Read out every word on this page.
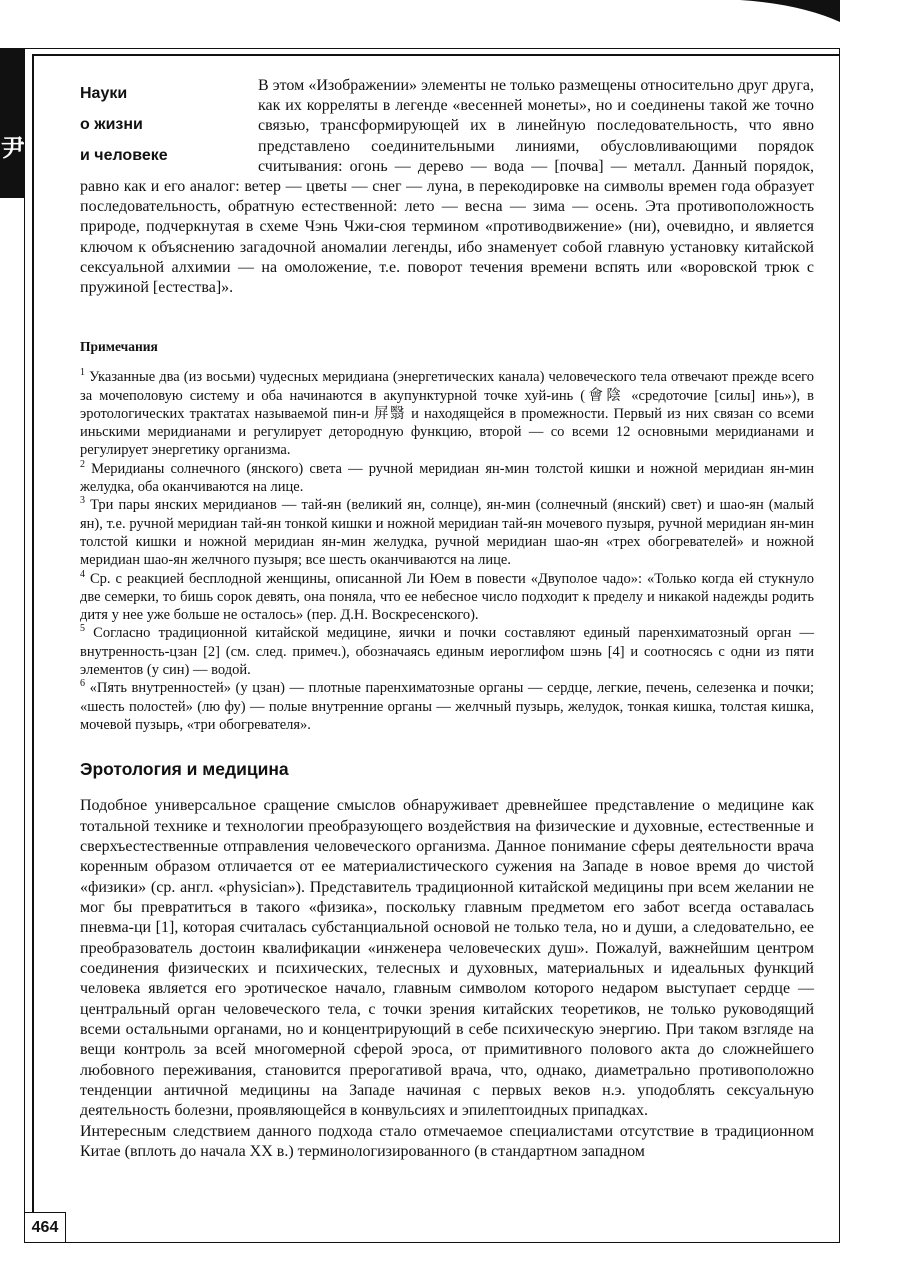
尹
464
Науки
о жизни
и человеке

В этом «Изображении» элементы не только размещены относительно друг друга, как их корреляты в легенде «весенней монеты», но и соединены такой же точно связью, трансформирующей их в линейную последовательность, что явно представлено соединительными линиями, обусловливающими порядок считывания: огонь — дерево — вода — [почва] — металл. Данный порядок, равно как и его аналог: ветер — цветы — снег — луна, в перекодировке на символы времен года образует последовательность, обратную естественной: лето — весна — зима — осень. Эта противоположность природе, подчеркнутая в схеме Чэнь Чжи-сюя термином «противодвижение» (ни), очевидно, и является ключом к объяснению загадочной аномалии легенды, ибо знаменует собой главную установку китайской сексуальной алхимии — на омоложение, т.е. поворот течения времени вспять или «воровской трюк с пружиной [естества]».

Примечания

$^1$ Указанные два (из восьми) чудесных меридиана (энергетических канала) человеческого тела отвечают прежде всего за мочеполовую систему и оба начинаются в акупунктурной точке хуй-инь (會陰 «средоточие [силы] инь»), в эротологических трактатах называемой пин-и 屏翳 и находящейся в промежности. Первый из них связан со всеми иньскими меридианами и регулирует детородную функцию, второй — со всеми 12 основными меридианами и регулирует энергетику организма.

$^2$ Меридианы солнечного (янского) света — ручной меридиан ян-мин толстой кишки и ножной меридиан ян-мин желудка, оба оканчиваются на лице.

$^3$ Три пары янских меридианов — тай-ян (великий ян, солнце), ян-мин (солнечный (янский) свет) и шао-ян (малый ян), т.е. ручной меридиан тай-ян тонкой кишки и ножной меридиан тай-ян мочевого пузыря, ручной меридиан ян-мин толстой кишки и ножной меридиан ян-мин желудка, ручной меридиан шао-ян «трех обогревателей» и ножной меридиан шао-ян желчного пузыря; все шесть оканчиваются на лице.

$^4$ Ср. с реакцией бесплодной женщины, описанной Ли Юем в повести «Двуполое чадо»: «Только когда ей стукнуло две семерки, то бишь сорок девять, она поняла, что ее небесное число подходит к пределу и никакой надежды родить дитя у нее уже больше не осталось» (пер. Д.Н. Воскресенского).

$^5$ Согласно традиционной китайской медицине, яички и почки составляют единый паренхиматозный орган — внутренность-цзан [2] (см. след. примеч.), обозначаясь единым иероглифом шэнь [4] и соотносясь с одни из пяти элементов (у син) — водой.

$^6$ «Пять внутренностей» (у цзан) — плотные паренхиматозные органы — сердце, легкие, печень, селезенка и почки; «шесть полостей» (лю фу) — полые внутренние органы — желчный пузырь, желудок, тонкая кишка, толстая кишка, мочевой пузырь, «три обогревателя».

Эротология и медицина

Подобное универсальное сращение смыслов обнаруживает древнейшее представление о медицине как тотальной технике и технологии преобразующего воздействия на физические и духовные, естественные и сверхъестественные отправления человеческого организма. Данное понимание сферы деятельности врача коренным образом отличается от ее материалистического сужения на Западе в новое время до чистой «физики» (ср. англ. «physician»). Представитель традиционной китайской медицины при всем желании не мог бы превратиться в такого «физика», поскольку главным предметом его забот всегда оставалась пневма-ци [1], которая считалась субстанциальной основой не только тела, но и души, а следовательно, ее преобразователь достоин квалификации «инженера человеческих душ». Пожалуй, важнейшим центром соединения физических и психических, телесных и духовных, материальных и идеальных функций человека является его эротическое начало, главным символом которого недаром выступает сердце — центральный орган человеческого тела, с точки зрения китайских теоретиков, не только руководящий всеми остальными органами, но и концентрирующий в себе психическую энергию. При таком взгляде на вещи контроль за всей многомерной сферой эроса, от примитивного полового акта до сложнейшего любовного переживания, становится прерогативой врача, что, однако, диаметрально противоположно тенденции античной медицины на Западе начиная с первых веков н.э. уподоблять сексуальную деятельность болезни, проявляющейся в конвульсиях и эпилептоидных припадках.

Интересным следствием данного подхода стало отмечаемое специалистами отсутствие в традиционном Китае (вплоть до начала XX в.) терминологизированного (в стандартном западном
